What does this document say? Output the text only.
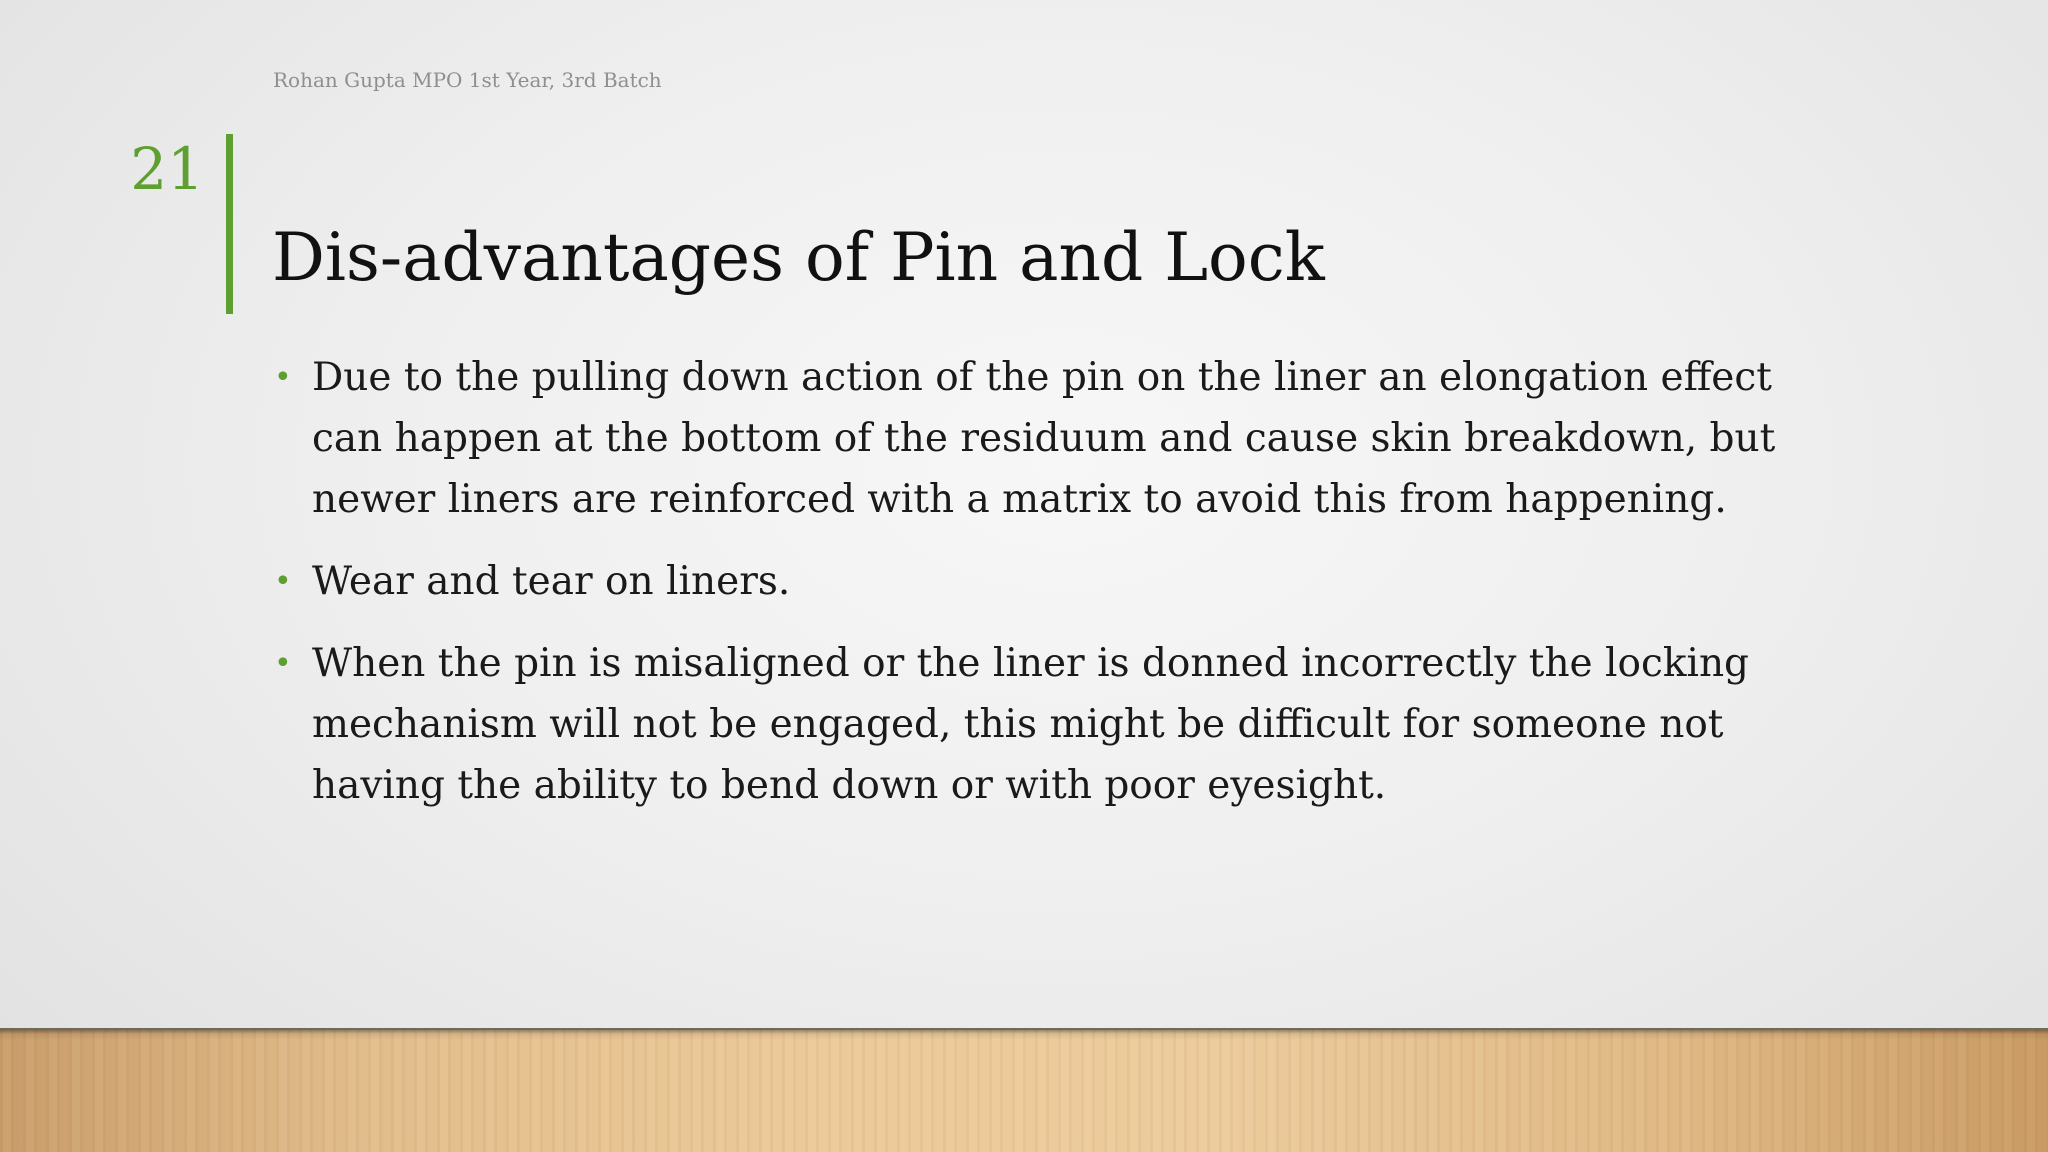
Rohan Gupta MPO 1st Year, 3rd Batch
21
Dis-advantages of Pin and Lock
• Due to the pulling down action of the pin on the liner an elongation effect can happen at the bottom of the residuum and cause skin breakdown, but newer liners are reinforced with a matrix to avoid this from happening.
• Wear and tear on liners.
• When the pin is misaligned or the liner is donned incorrectly the locking mechanism will not be engaged, this might be difficult for someone not having the ability to bend down or with poor eyesight.
